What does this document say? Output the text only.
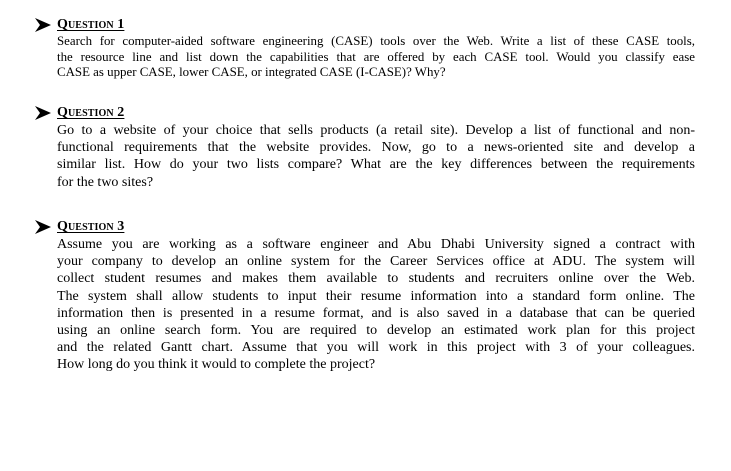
Question 1
Search for computer-aided software engineering (CASE) tools over the Web. Write a list of these CASE tools,
the resource line and list down the capabilities that are offered by each CASE tool. Would you classify ease
CASE as upper CASE, lower CASE, or integrated CASE (I-CASE)? Why?
Question 2
Go to a website of your choice that sells products (a retail site). Develop a list of functional and non-
functional requirements that the website provides. Now, go to a news-oriented site and develop a
similar list. How do your two lists compare? What are the key differences between the requirements
for the two sites?
Question 3
Assume you are working as a software engineer and Abu Dhabi University signed a contract with
your company to develop an online system for the Career Services office at ADU. The system will
collect student resumes and makes them available to students and recruiters online over the Web.
The system shall allow students to input their resume information into a standard form online. The
information then is presented in a resume format, and is also saved in a database that can be queried
using an online search form. You are required to develop an estimated work plan for this project
and the related Gantt chart. Assume that you will work in this project with 3 of your colleagues.
How long do you think it would to complete the project?
